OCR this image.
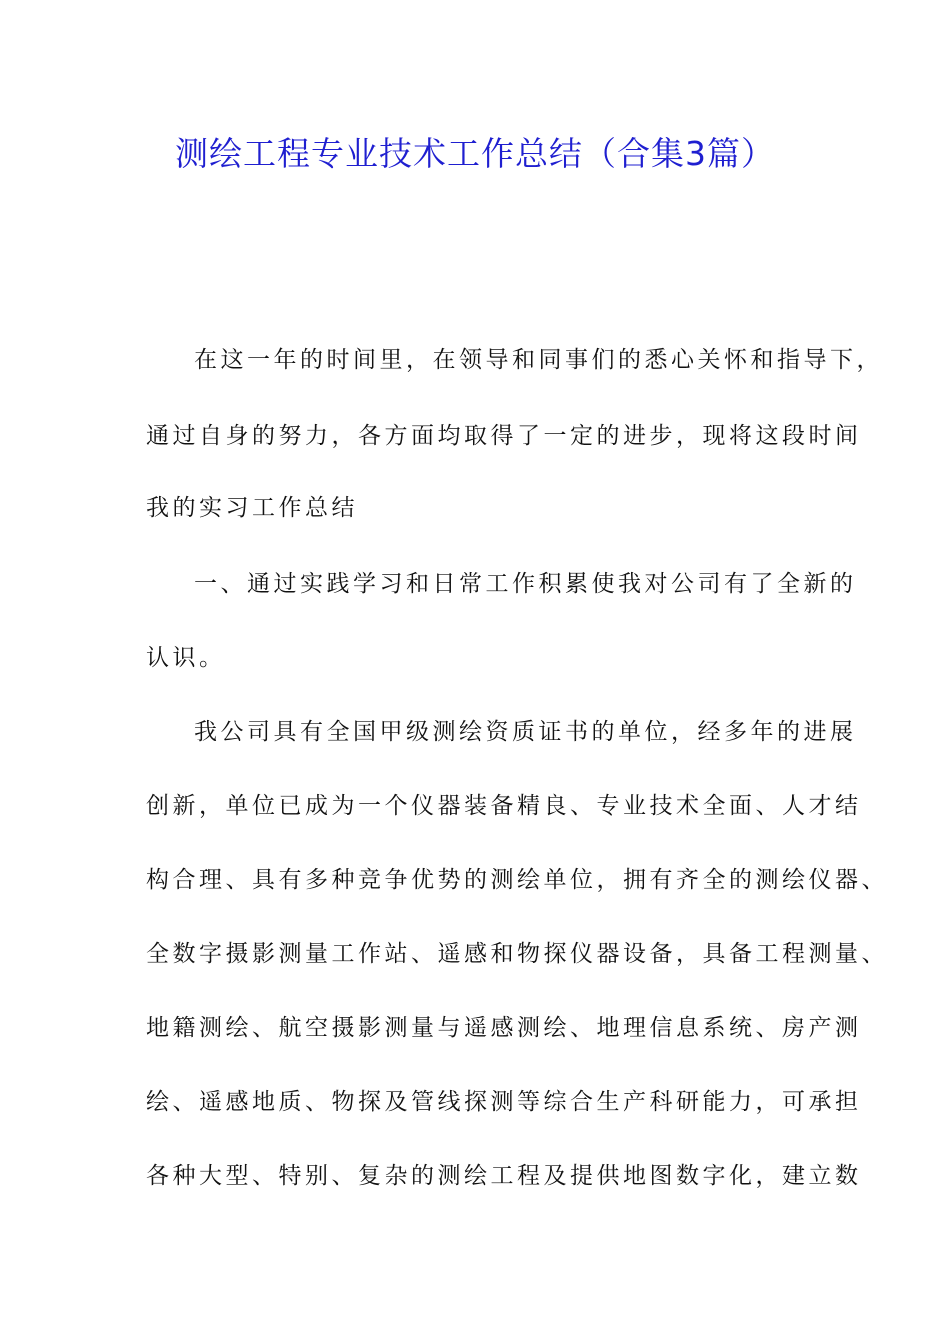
测绘工程专业技术工作总结（合集3篇）
在这一年的时间里，在领导和同事们的悉心关怀和指导下，
通过自身的努力，各方面均取得了一定的进步，现将这段时间
我的实习工作总结
一、通过实践学习和日常工作积累使我对公司有了全新的
认识。
我公司具有全国甲级测绘资质证书的单位，经多年的进展
创新，单位已成为一个仪器装备精良、专业技术全面、人才结
构合理、具有多种竞争优势的测绘单位，拥有齐全的测绘仪器、
全数字摄影测量工作站、遥感和物探仪器设备，具备工程测量、
地籍测绘、航空摄影测量与遥感测绘、地理信息系统、房产测
绘、遥感地质、物探及管线探测等综合生产科研能力，可承担
各种大型、特别、复杂的测绘工程及提供地图数字化，建立数
